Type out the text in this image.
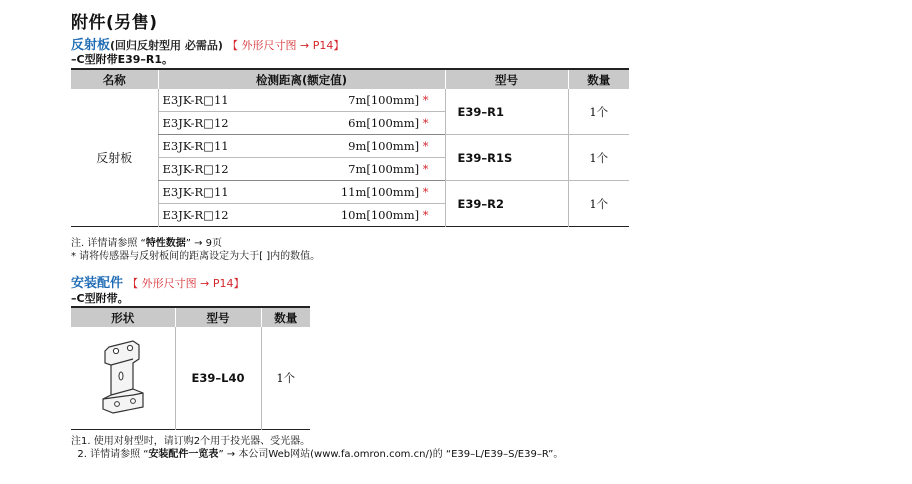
附件(另售)
反射板(回归反射型用 必需品) 【 外形尺寸图 → P14】
–C型附带E39–R1。
名称	检测距离(额定值)		型号	数量
反射板	E3JK-R□11	7m[100mm] *	E39–R1	1个
	E3JK-R□12	6m[100mm] *		
	E3JK-R□11	9m[100mm] *	E39–R1S	1个
	E3JK-R□12	7m[100mm] *		
	E3JK-R□11	11m[100mm] *	E39–R2	1个
	E3JK-R□12	10m[100mm] *		
注. 详情请参照 “特性数据” → 9页
* 请将传感器与反射板间的距离设定为大于[ ]内的数值。
安装配件 【 外形尺寸图 → P14】
–C型附带。
形状	型号	数量
	E39–L40	1个
注1. 使用对射型时，请订购2个用于投光器、受光器。
2. 详情请参照 “安装配件一览表” → 本公司Web网站(www.fa.omron.com.cn/)的 “E39–L/E39–S/E39–R”。
